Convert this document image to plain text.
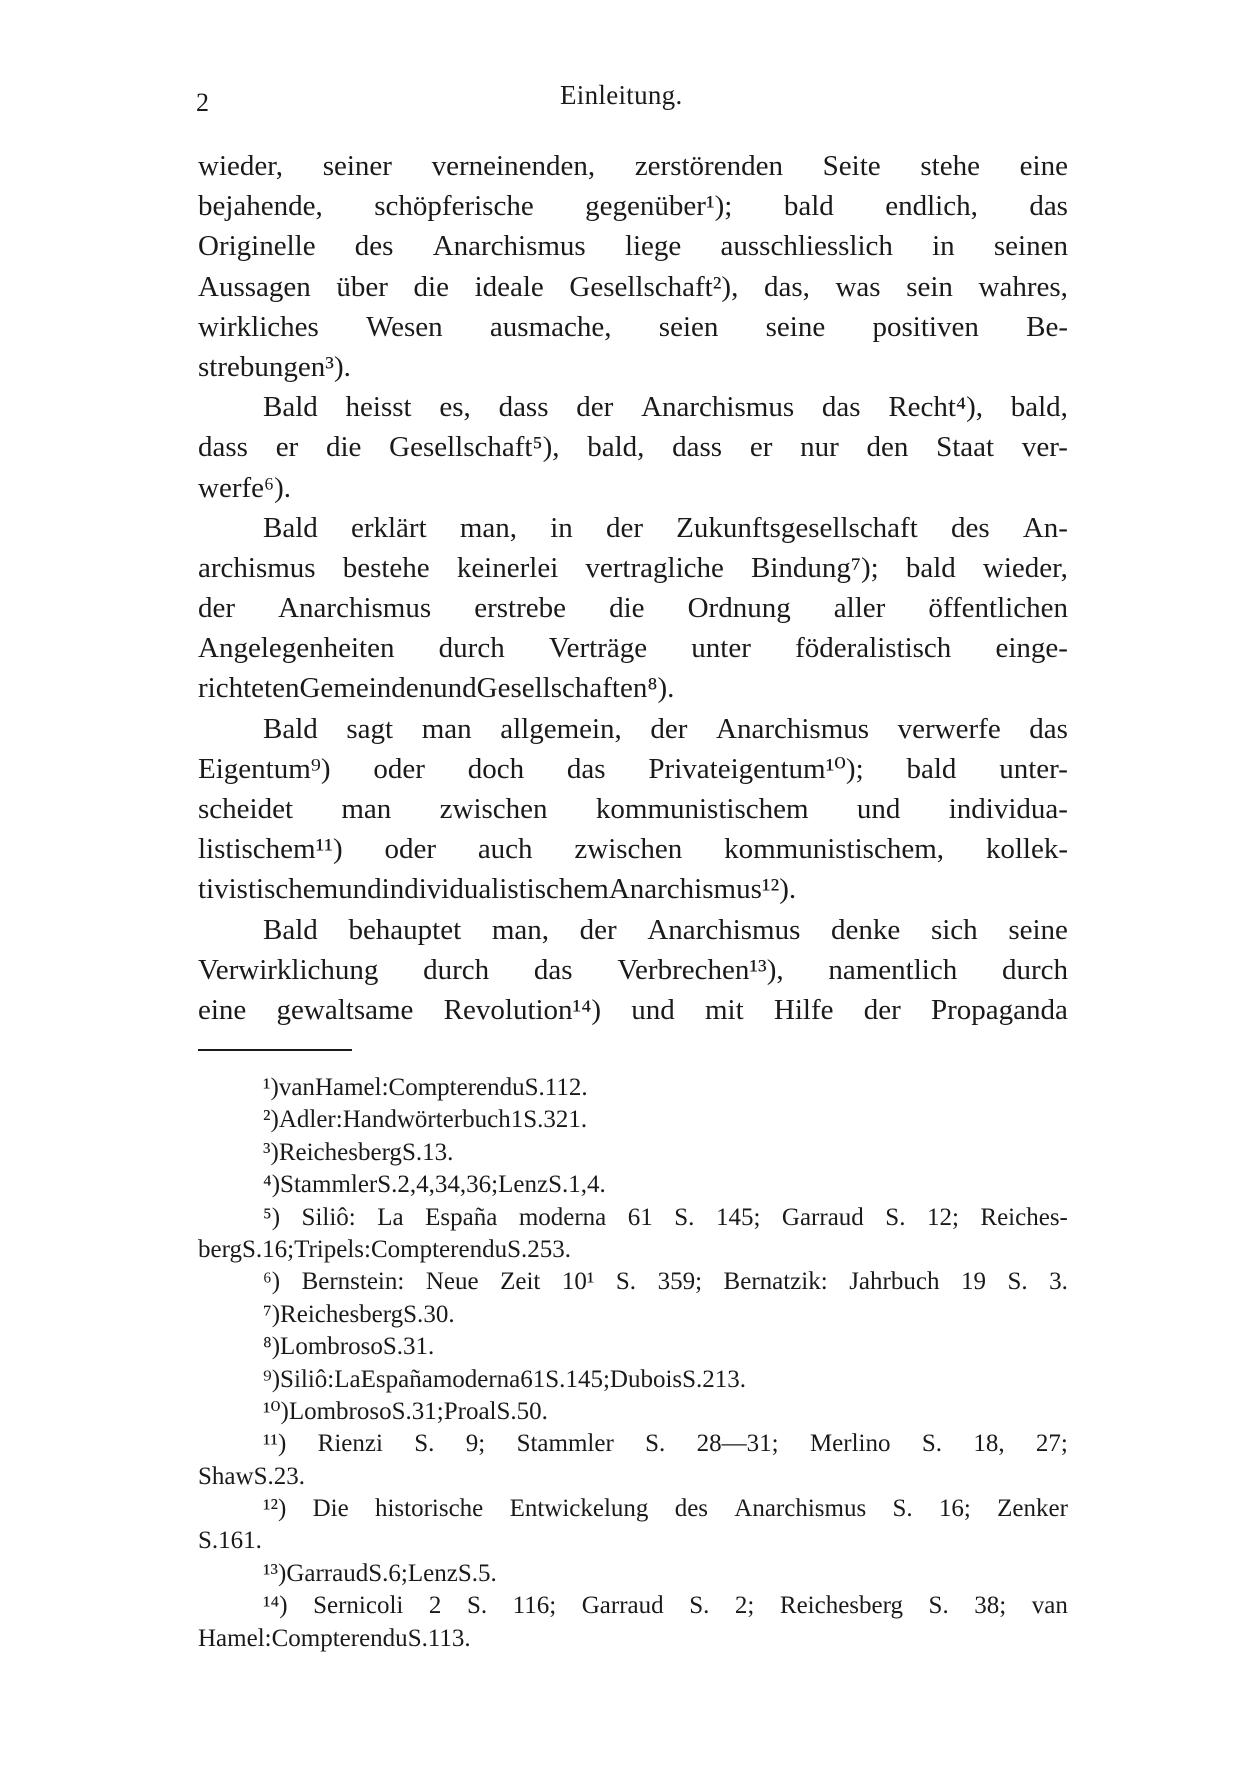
2	Einleitung.
wieder, seiner verneinenden, zerstörenden Seite stehe eine
bejahende, schöpferische gegenüber¹); bald endlich, das
Originelle des Anarchismus liege ausschliesslich in seinen
Aussagen über die ideale Gesellschaft²), das, was sein wahres,
wirkliches Wesen ausmache, seien seine positiven Be-
strebungen³).
Bald heisst es, dass der Anarchismus das Recht⁴), bald,
dass er die Gesellschaft⁵), bald, dass er nur den Staat ver-
werfe⁶).
Bald erklärt man, in der Zukunftsgesellschaft des An-
archismus bestehe keinerlei vertragliche Bindung⁷); bald wieder,
der Anarchismus erstrebe die Ordnung aller öffentlichen
Angelegenheiten durch Verträge unter föderalistisch einge-
richteten Gemeinden und Gesellschaften⁸ ).
Bald sagt man allgemein, der Anarchismus verwerfe das
Eigentum⁹) oder doch das Privateigentum¹⁰); bald unter-
scheidet man zwischen kommunistischem und individua-
listischem¹¹) oder auch zwischen kommunistischem, kollek-
tivistischem und individualistischem Anarchismus¹²).
Bald behauptet man, der Anarchismus denke sich seine
Verwirklichung durch das Verbrechen¹³), namentlich durch
eine gewaltsame Revolution¹⁴) und mit Hilfe der Propaganda
¹) van Hamel: Compte rendu S. 112.
²) Adler: Handwörterbuch 1 S. 321.
³) Reichesberg S. 13.
⁴) Stammler S. 2, 4, 34, 36; Lenz S. 1, 4.
⁵) Siliô: La España moderna 61 S. 145; Garraud S. 12; Reiches-
berg S. 16; Tripels: Compte rendu S. 253.
⁶) Bernstein: Neue Zeit 10¹ S. 359; Bernatzik: Jahrbuch 19 S. 3.
⁷) Reichesberg S. 30.
⁸) Lombroso S. 31.
⁹) Siliô: La España moderna 61 S. 145; Dubois S. 213.
¹⁰) Lombroso S. 31; Proal S. 50.
¹¹) Rienzi S. 9; Stammler S. 28—31; Merlino S. 18, 27;
Shaw S. 23.
¹²) Die historische Entwickelung des Anarchismus S. 16; Zenker
S. 161.
¹³) Garraud S. 6; Lenz S. 5.
¹⁴) Sernicoli 2 S. 116; Garraud S. 2; Reichesberg S. 38; van
Hamel: Compte rendu S. 113.
